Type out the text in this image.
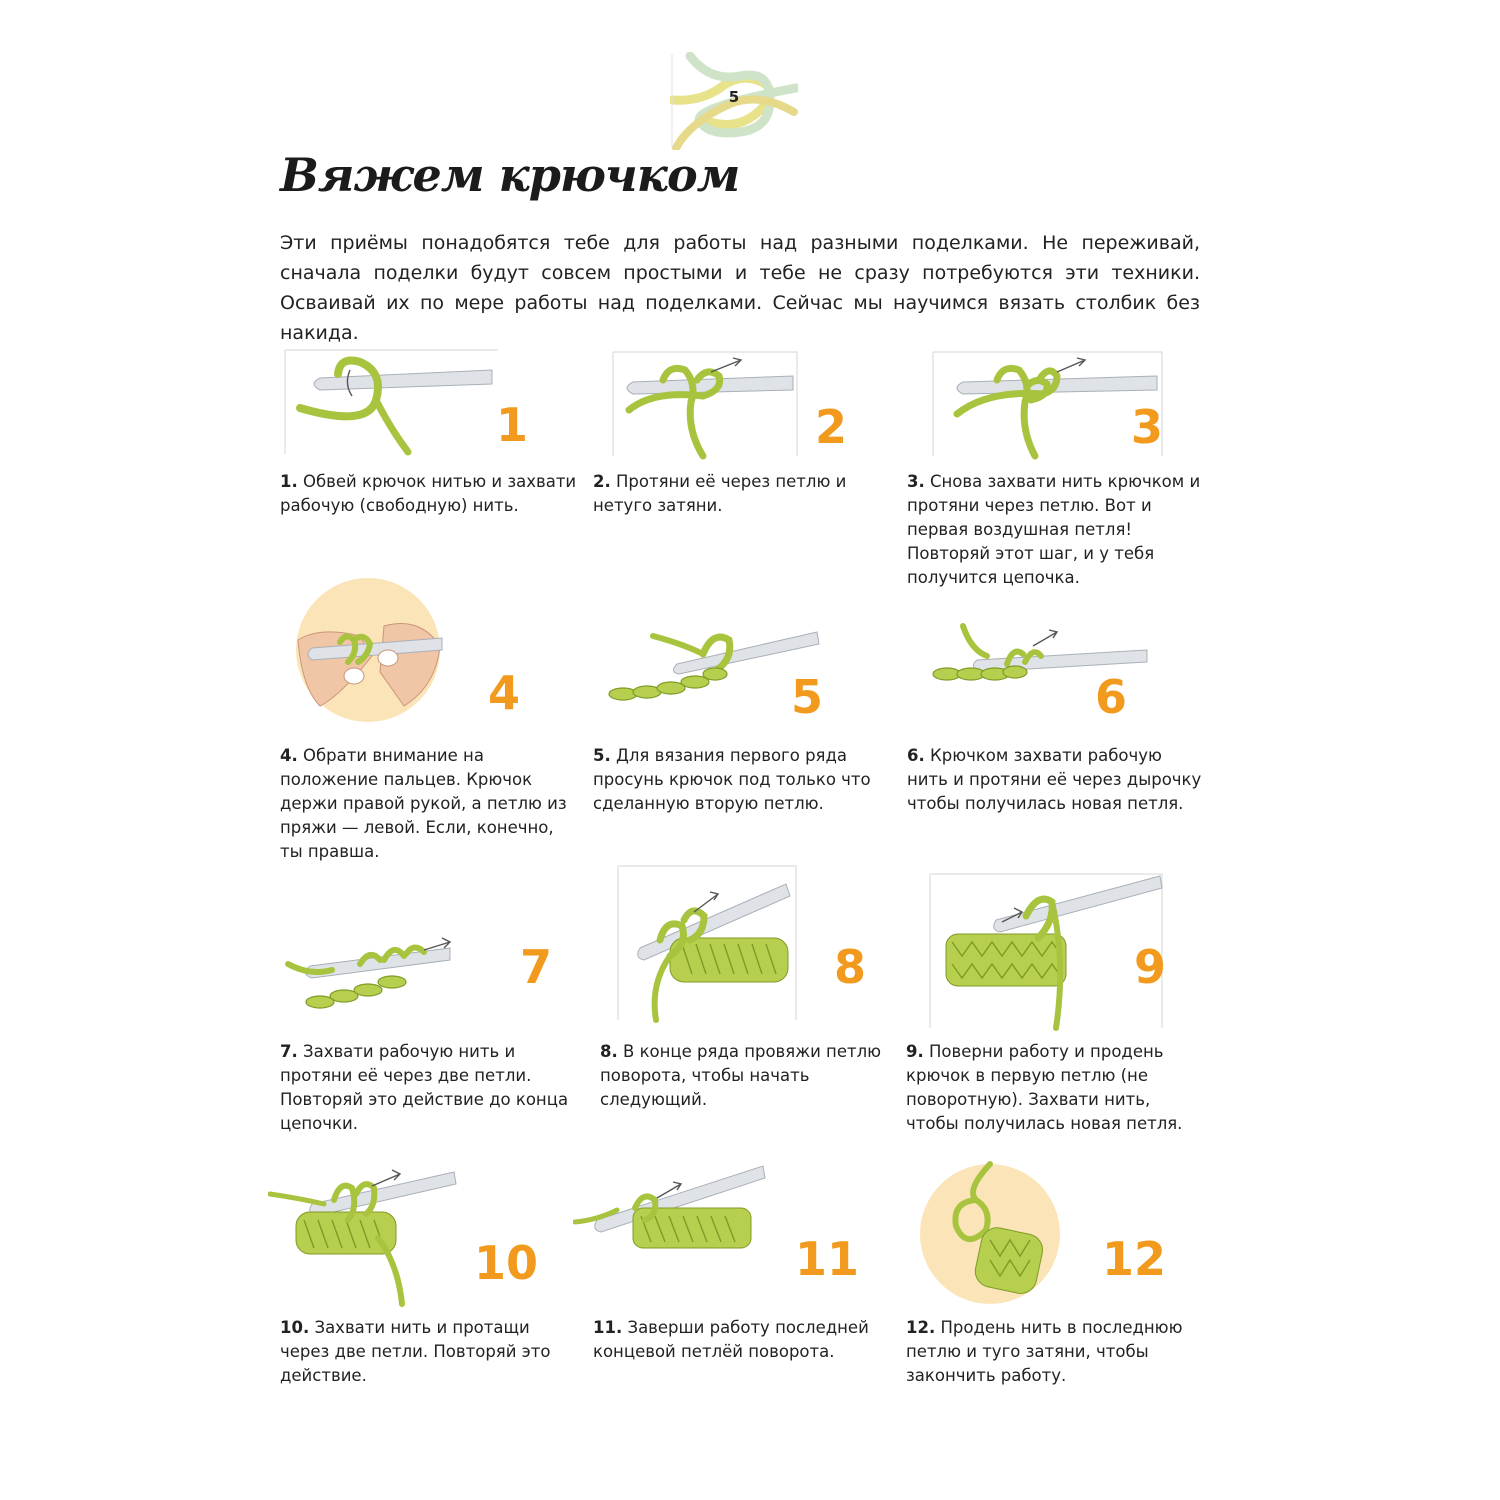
5
Вяжем крючком

Эти приёмы понадобятся тебе для работы над разными поделками. Не переживай, сначала поделки будут совсем простыми и тебе не сразу потребуются эти техники. Осваивай их по мере работы над поделками. Сейчас мы научимся вязать столбик без накида.

1

1. Обвей крючок нитью и захвати рабочую (свободную) нить.

2

2. Протяни её через петлю и нетуго затяни.

3

3. Снова захвати нить крючком и протяни через петлю. Вот и первая воздушная петля! Повторяй этот шаг, и у тебя получится цепочка.

4

4. Обрати внимание на положение пальцев. Крючок держи правой рукой, а петлю из пряжи — левой. Если, конечно, ты правша.

5

5. Для вязания первого ряда просунь крючок под только что сделанную вторую петлю.

6

6. Крючком захвати рабочую нить и протяни её через дырочку чтобы получилась новая петля.

7

7. Захвати рабочую нить и протяни её через две петли. Повторяй это действие до конца цепочки.

8

8. В конце ряда провяжи петлю поворота, чтобы начать следующий.

9

9. Поверни работу и продень крючок в первую петлю (не поворотную). Захвати нить, чтобы получилась новая петля.

10

10. Захвати нить и протащи через две петли. Повторяй это действие.

11

11. Заверши работу последней концевой петлёй поворота.

12

12. Продень нить в последнюю петлю и туго затяни, чтобы закончить работу.
